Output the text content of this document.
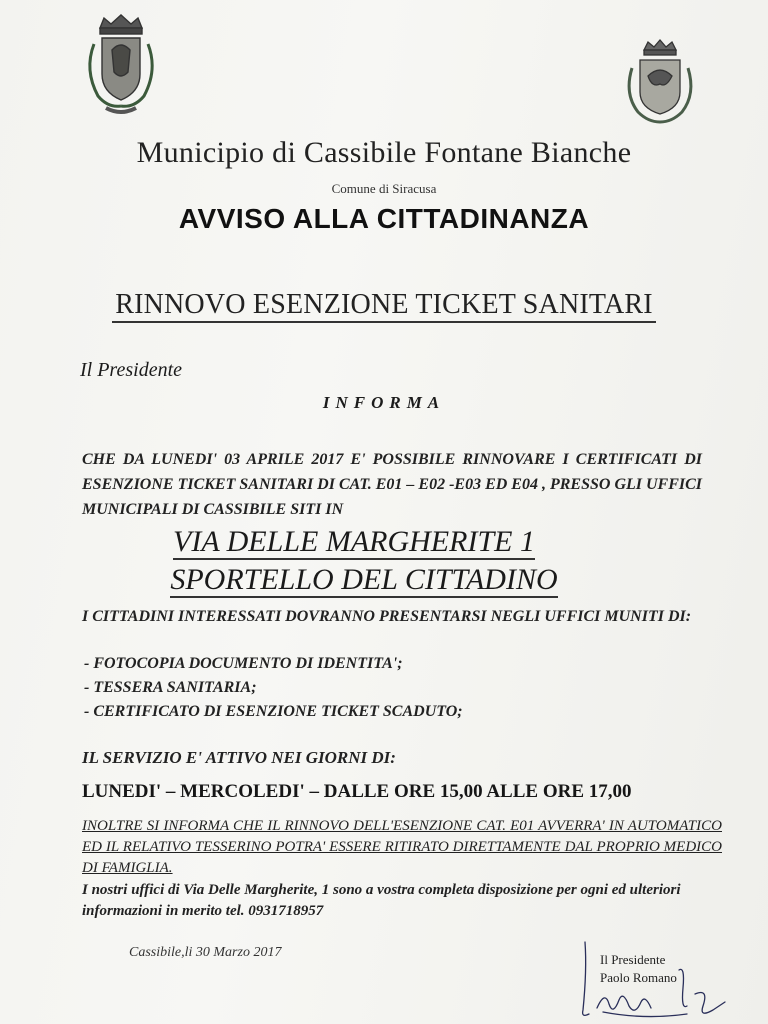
Municipio di Cassibile Fontane Bianche
Comune di Siracusa
AVVISO ALLA CITTADINANZA
RINNOVO ESENZIONE TICKET SANITARI
Il Presidente
INFORMA
CHE DA LUNEDI' 03 APRILE 2017 E' POSSIBILE RINNOVARE I CERTIFICATI DI ESENZIONE TICKET SANITARI DI CAT. E01 – E02 -E03 ED E04 , PRESSO GLI UFFICI MUNICIPALI DI CASSIBILE SITI IN
VIA DELLE MARGHERITE 1
SPORTELLO DEL CITTADINO
I CITTADINI INTERESSATI DOVRANNO PRESENTARSI NEGLI UFFICI MUNITI DI:
- FOTOCOPIA DOCUMENTO DI IDENTITA';
- TESSERA SANITARIA;
- CERTIFICATO DI ESENZIONE TICKET SCADUTO;
IL SERVIZIO E' ATTIVO NEI GIORNI DI:
LUNEDI' – MERCOLEDI' – DALLE ORE 15,00 ALLE ORE 17,00
INOLTRE SI INFORMA CHE IL RINNOVO DELL'ESENZIONE CAT. E01 AVVERRA' IN AUTOMATICO ED IL RELATIVO TESSERINO POTRA' ESSERE RITIRATO DIRETTAMENTE DAL PROPRIO MEDICO DI FAMIGLIA.
I nostri uffici di Via Delle Margherite, 1 sono a vostra completa disposizione per ogni ed ulteriori informazioni in merito tel. 0931718957
Cassibile,li 30 Marzo 2017	Il Presidente
Paolo Romano
